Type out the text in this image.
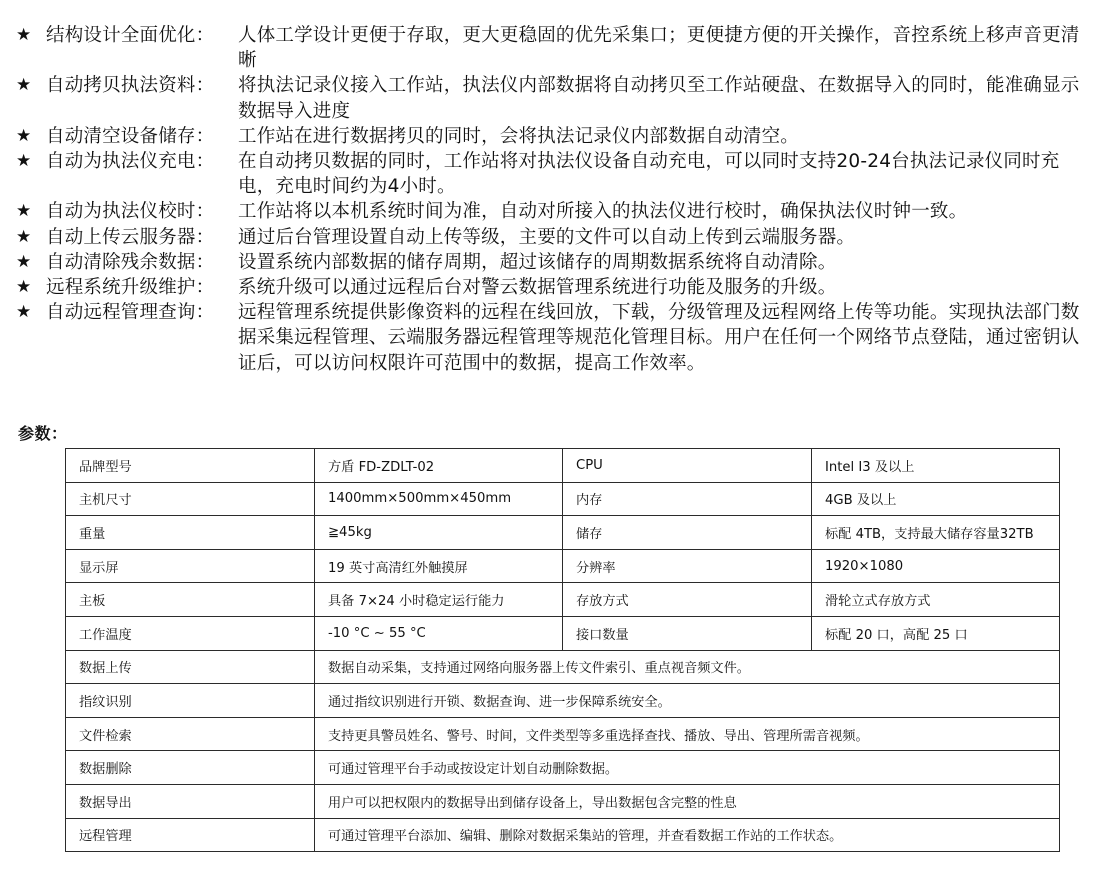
★ 结构设计全面优化：	人体工学设计更便于存取，更大更稳固的优先采集口；更便捷方便的开关操作，音控系统上移声音更清晰
★ 自动拷贝执法资料：	将执法记录仪接入工作站，执法仪内部数据将自动拷贝至工作站硬盘、在数据导入的同时，能准确显示数据导入进度
★ 自动清空设备储存：	工作站在进行数据拷贝的同时，会将执法记录仪内部数据自动清空。
★ 自动为执法仪充电：	在自动拷贝数据的同时，工作站将对执法仪设备自动充电，可以同时支持20-24台执法记录仪同时充电，充电时间约为4小时。
★ 自动为执法仪校时：	工作站将以本机系统时间为准，自动对所接入的执法仪进行校时，确保执法仪时钟一致。
★ 自动上传云服务器：	通过后台管理设置自动上传等级，主要的文件可以自动上传到云端服务器。
★ 自动清除残余数据：	设置系统内部数据的储存周期，超过该储存的周期数据系统将自动清除。
★ 远程系统升级维护：	系统升级可以通过远程后台对警云数据管理系统进行功能及服务的升级。
★ 自动远程管理查询：	远程管理系统提供影像资料的远程在线回放，下载，分级管理及远程网络上传等功能。实现执法部门数据采集远程管理、云端服务器远程管理等规范化管理目标。用户在任何一个网络节点登陆，通过密钥认证后，可以访问权限许可范围中的数据，提高工作效率。
参数：
品牌型号	方盾 FD-ZDLT-02	CPU	Intel I3 及以上
主机尺寸	1400mm×500mm×450mm	内存	4GB 及以上
重量	≧45kg	储存	标配 4TB，支持最大储存容量32TB
显示屏	19 英寸高清红外触摸屏	分辨率	1920×1080
主板	具备 7×24 小时稳定运行能力	存放方式	滑轮立式存放方式
工作温度	-10 °C ~ 55 °C	接口数量	标配 20 口，高配 25 口
数据上传	数据自动采集，支持通过网络向服务器上传文件索引、重点视音频文件。		
指纹识别	通过指纹识别进行开锁、数据查询、进一步保障系统安全。		
文件检索	支持更具警员姓名、警号、时间，文件类型等多重选择查找、播放、导出、管理所需音视频。		
数据删除	可通过管理平台手动或按设定计划自动删除数据。		
数据导出	用户可以把权限内的数据导出到储存设备上，导出数据包含完整的性息		
远程管理	可通过管理平台添加、编辑、删除对数据采集站的管理，并查看数据工作站的工作状态。		
